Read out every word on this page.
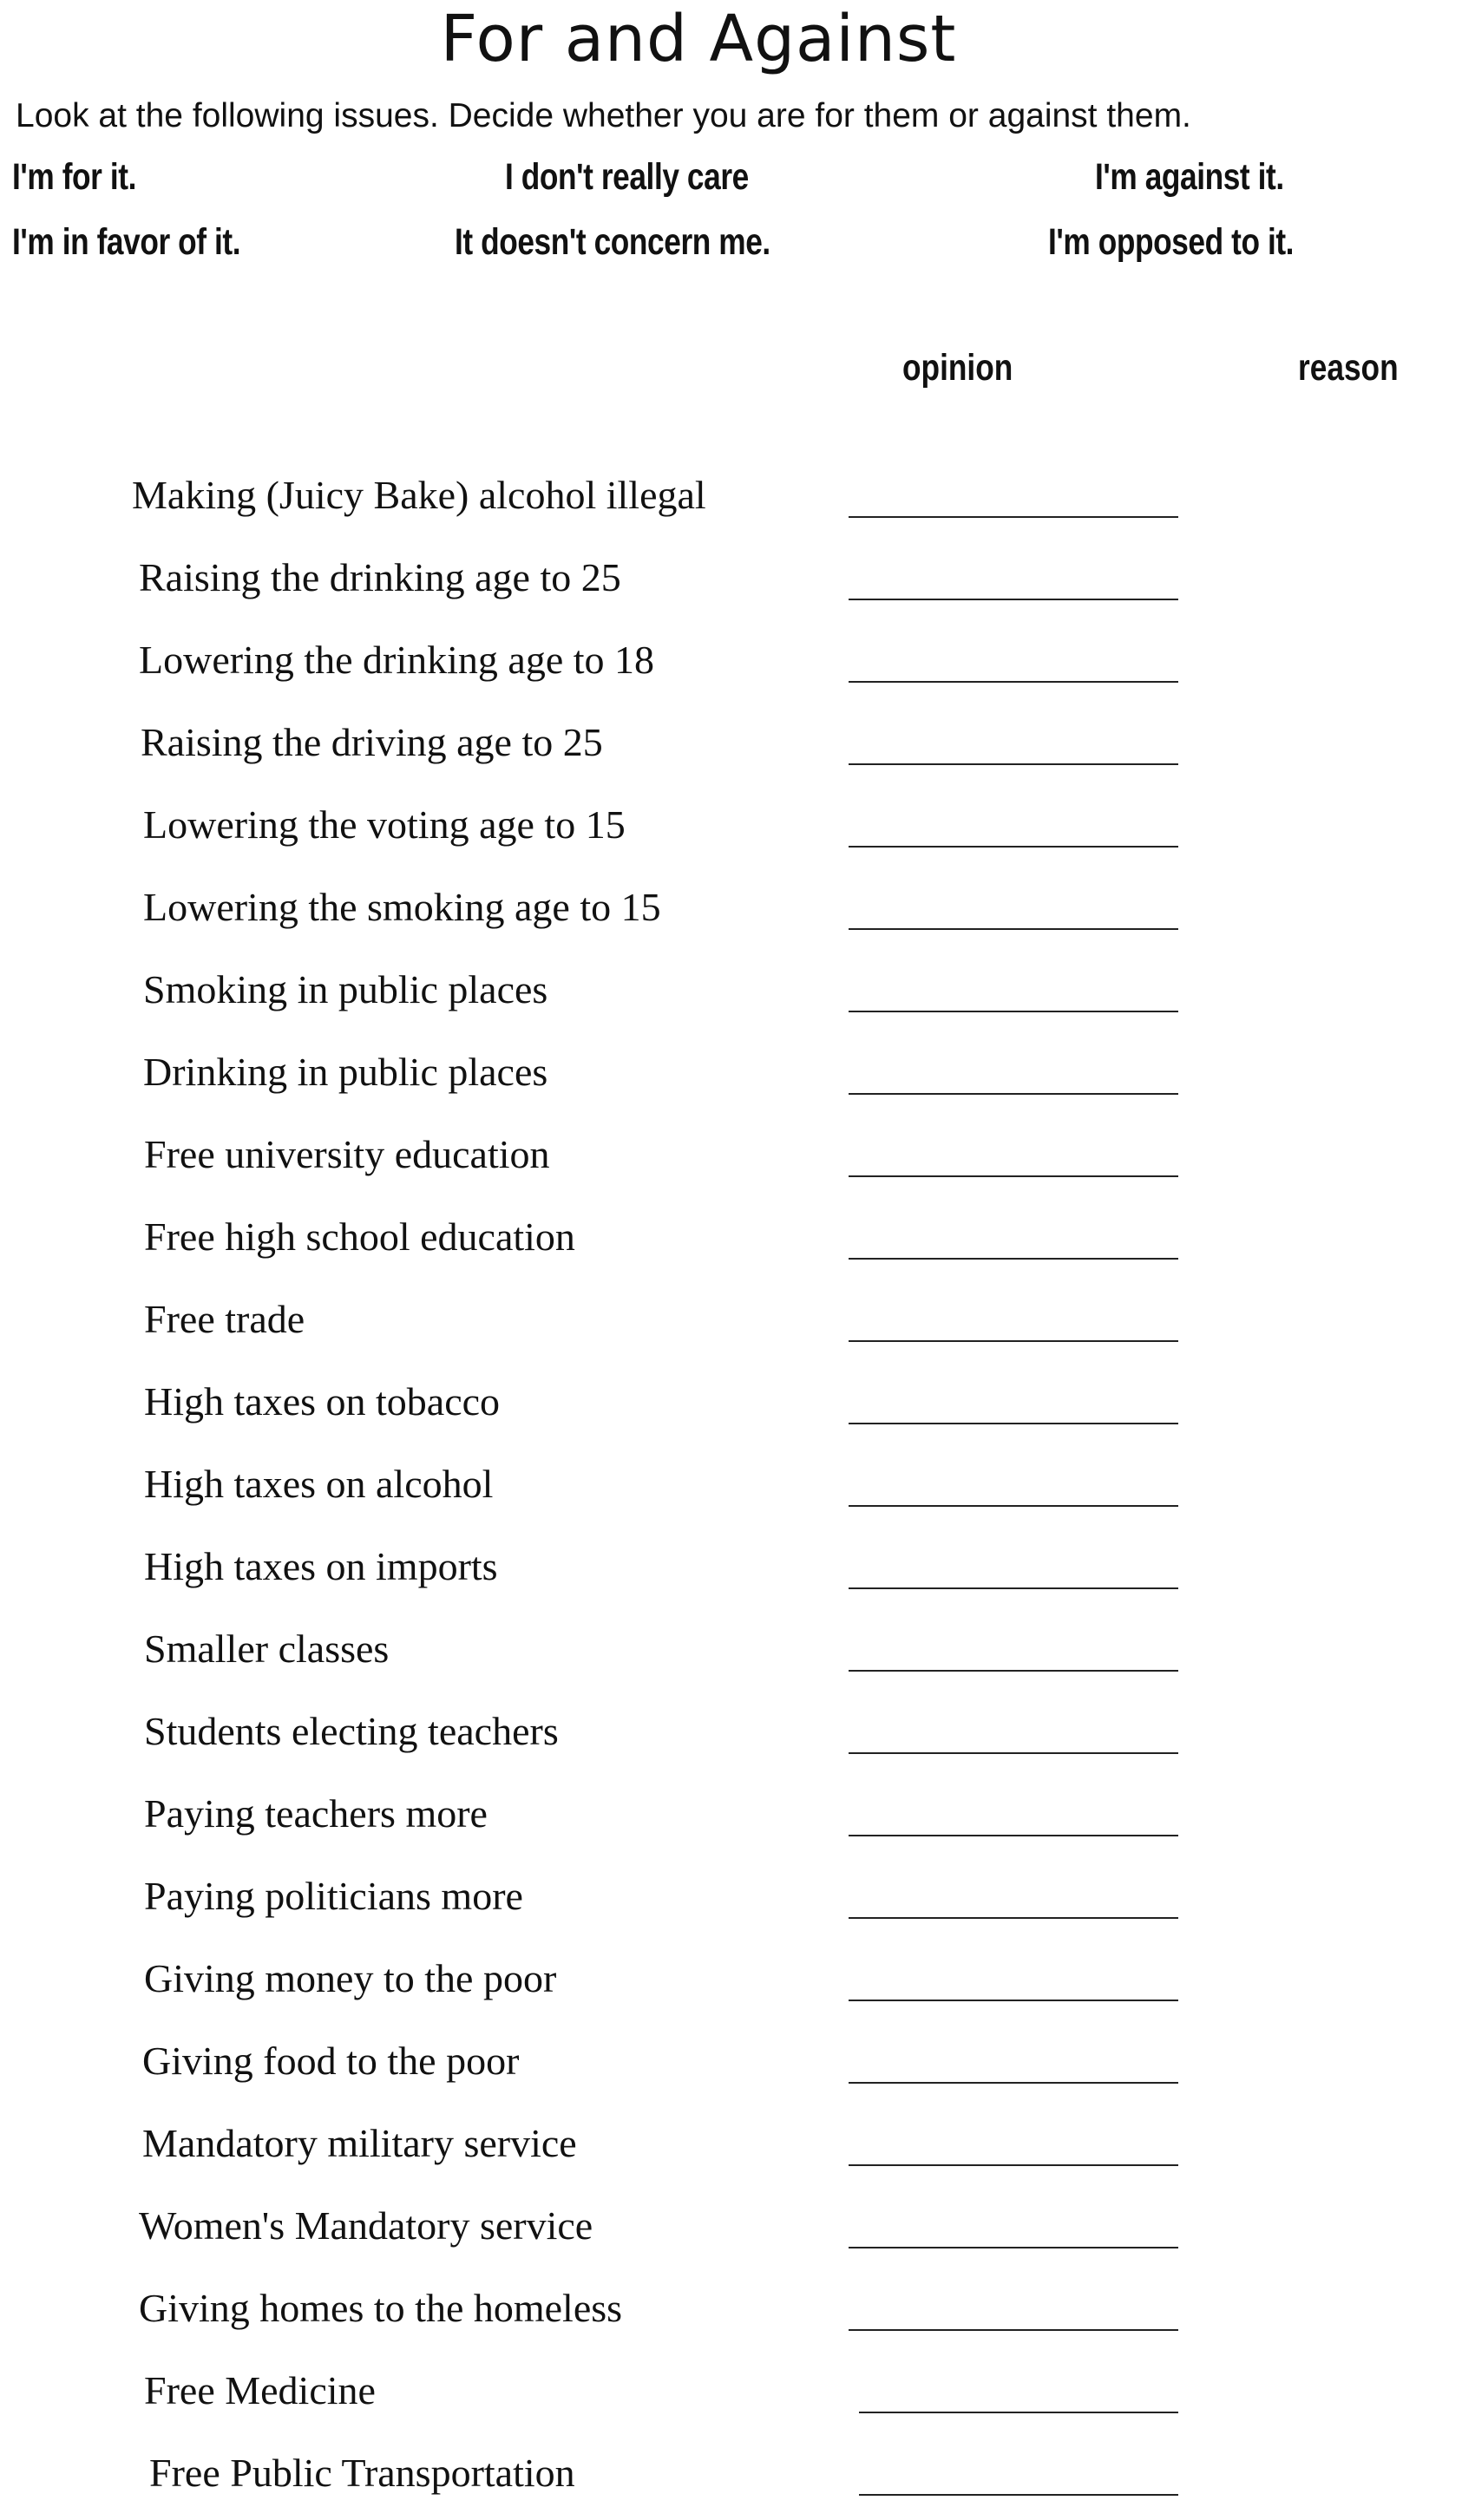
For and Against
Look at the following issues. Decide whether you are for them or against them.
I'm for it.
I'm in favor of it.
I don't really care
It doesn't concern me.
I'm against it.
I'm opposed to it.
opinion	reason
Making (Juicy Bake) alcohol illegal
Raising the drinking age to 25
Lowering the drinking age to 18
Raising the driving age to 25
Lowering the voting age to 15
Lowering the smoking age to 15
Smoking in public places
Drinking in public places
Free university education
Free high school education
Free trade
High taxes on tobacco
High taxes on alcohol
High taxes on imports
Smaller classes
Students electing teachers
Paying teachers more
Paying politicians more
Giving money to the poor
Giving food to the poor
Mandatory military service
Women's Mandatory service
Giving homes to the homeless
Free Medicine
Free Public Transportation
